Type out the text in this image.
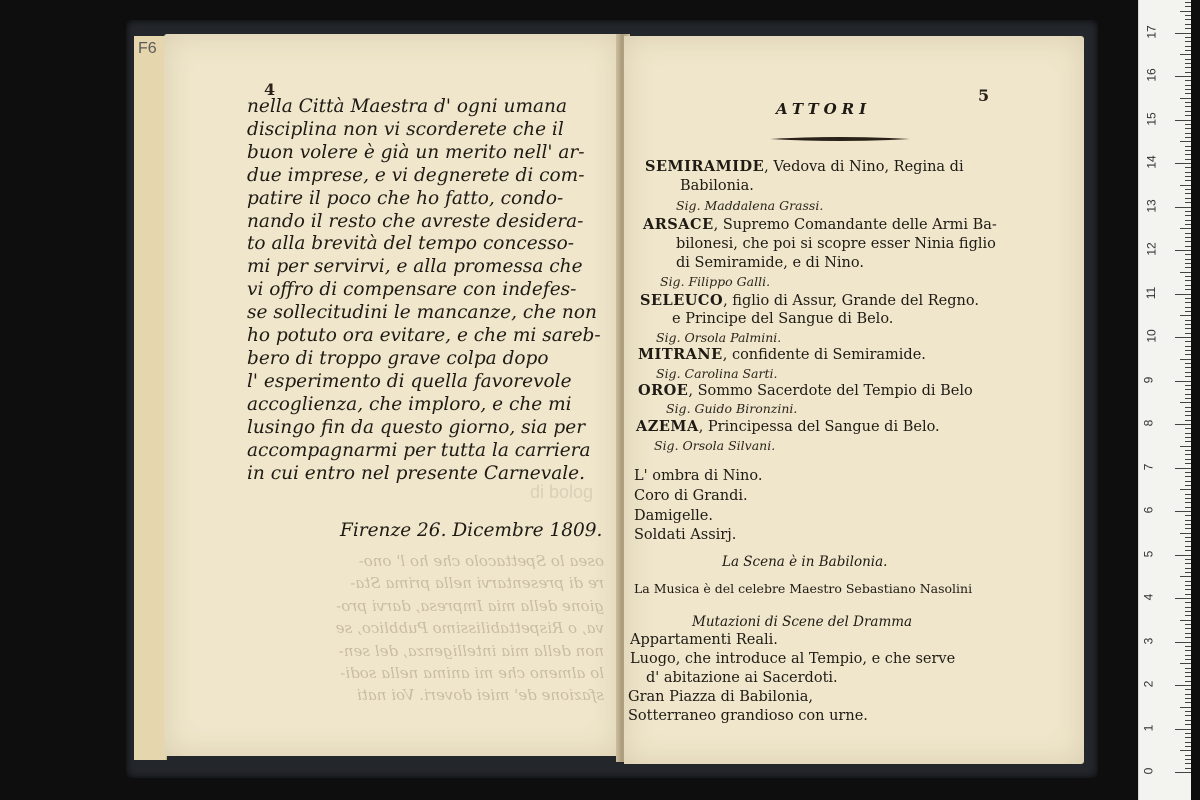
F6
4
osea lo Spettacolo che ho l' ono-
re di presentarvi nella prima Sta-
gione della mia Impresa, darvi pro-
va, o Rispettabilissimo Pubblico, se
non della mia intelligenza, del sen-
lo almeno che mi anima nella sodi-
sfazione de' miei doveri. Voi nati
di bolog
nella Città Maestra d' ogni umana
disciplina non vi scorderete che il
buon volere è già un merito nell' ar-
due imprese, e vi degnerete di com-
patire il poco che ho fatto, condo-
nando il resto che avreste desidera-
to alla brevità del tempo concesso-
mi per servirvi, e alla promessa che
vi offro di compensare con indefes-
se sollecitudini le mancanze, che non
ho potuto ora evitare, e che mi sareb-
bero di troppo grave colpa dopo
l' esperimento di quella favorevole
accoglienza, che imploro, e che mi
lusingo fin da questo giorno, sia per
accompagnarmi per tutta la carriera
in cui entro nel presente Carnevale.
Firenze 26. Dicembre 1809.
5
ATTORI
SEMIRAMIDE, Vedova di Nino, Regina di
Babilonia.
Sig. Maddalena Grassi.
ARSACE, Supremo Comandante delle Armi Ba-
bilonesi, che poi si scopre esser Ninia figlio
di Semiramide, e di Nino.
Sig. Filippo Galli.
SELEUCO, figlio di Assur, Grande del Regno.
e Principe del Sangue di Belo.
Sig. Orsola Palmini.
MITRANE, confidente di Semiramide.
Sig. Carolina Sarti.
OROE, Sommo Sacerdote del Tempio di Belo
Sig. Guido Bironzini.
AZEMA, Principessa del Sangue di Belo.
Sig. Orsola Silvani.
L' ombra di Nino.
Coro di Grandi.
Damigelle.
Soldati Assirj.
La Scena è in Babilonia.
La Musica è del celebre Maestro Sebastiano Nasolini
Mutazioni di Scene del Dramma
Appartamenti Reali.
Luogo, che introduce al Tempio, e che serve
d' abitazione ai Sacerdoti.
Gran Piazza di Babilonia,
Sotterraneo grandioso con urne.
0
1
2
3
4
5
6
7
8
9
10
11
12
13
14
15
16
17
